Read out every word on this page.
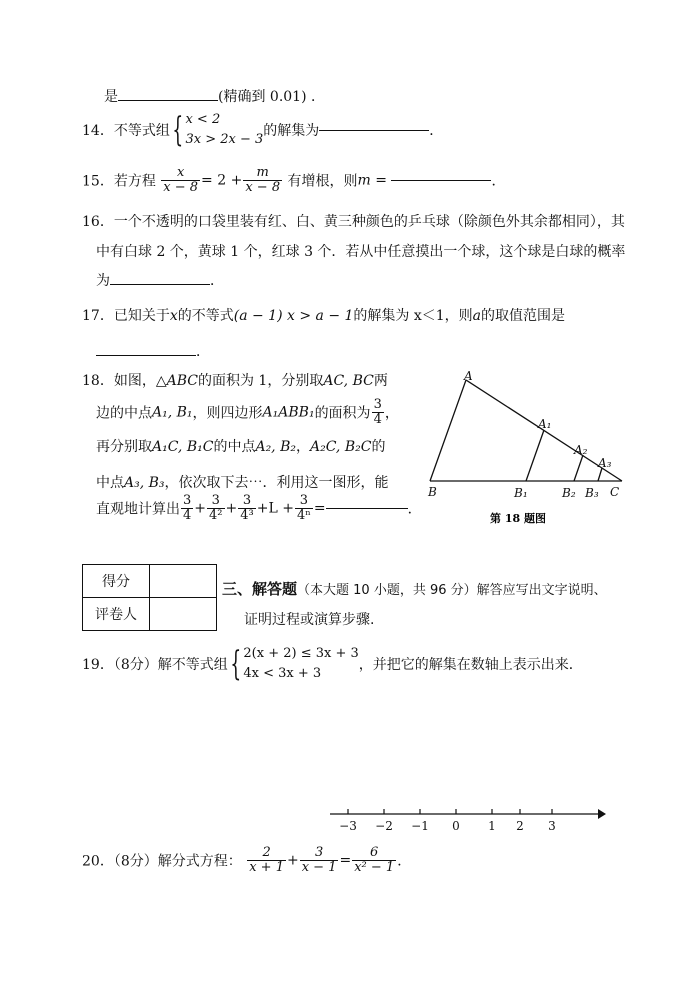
是	(精确到 0.01) ．
14．不等式组{ x < 2
3x > 2x − 3
的解集为	．
15．若方程 $\frac{x}{x - 8} = 2 + \frac{m}{x - 8}$ 有增根，则m =	．
16．一个不透明的口袋里装有红、白、黄三种颜色的乒乓球（除颜色外其余都相同），其
中有白球 2 个，黄球 1 个，红球 3 个．若从中任意摸出一个球，这个球是白球的概率
为	．
17．已知关于x的不等式(a − 1) x > a − 1的解集为 x＜1，则a的取值范围是
．
18．如图，△ABC的面积为 1，分别取AC, BC两
边的中点A₁, B₁，则四边形A₁ABB₁的面积为 $\frac{3}{4}$ ，
再分别取A₁C, B₁C的中点A₂, B₂，A₂C, B₂C的
中点A₃, B₃，依次取下去⋯．利用这一图形，能
直观地计算出 $\frac{3}{4} + \frac{3}{\text{4²}} + \frac{3}{\text{4³}} +L + \frac{3}{\text{4ⁿ}}$ =	．
A
B	C
A₁
A₂
A₃
B₁	B₂ B₃
第 18 题图
得分	
评卷人	
三、解答题（本大题 10 小题，共 96 分）解答应写出文字说明、
证明过程或演算步骤.
19．（8分）解不等式组{ 2(x + 2) ≤ 3x + 3
4x < 3x + 3
，并把它的解集在数轴上表示出来．
−3 −2 −1 0 1 2 3
20．（8分）解分式方程： $\frac{2}{x + 1} + \frac{3}{x - 1} = \frac{6}{\text{x² − 1}}$ ．
